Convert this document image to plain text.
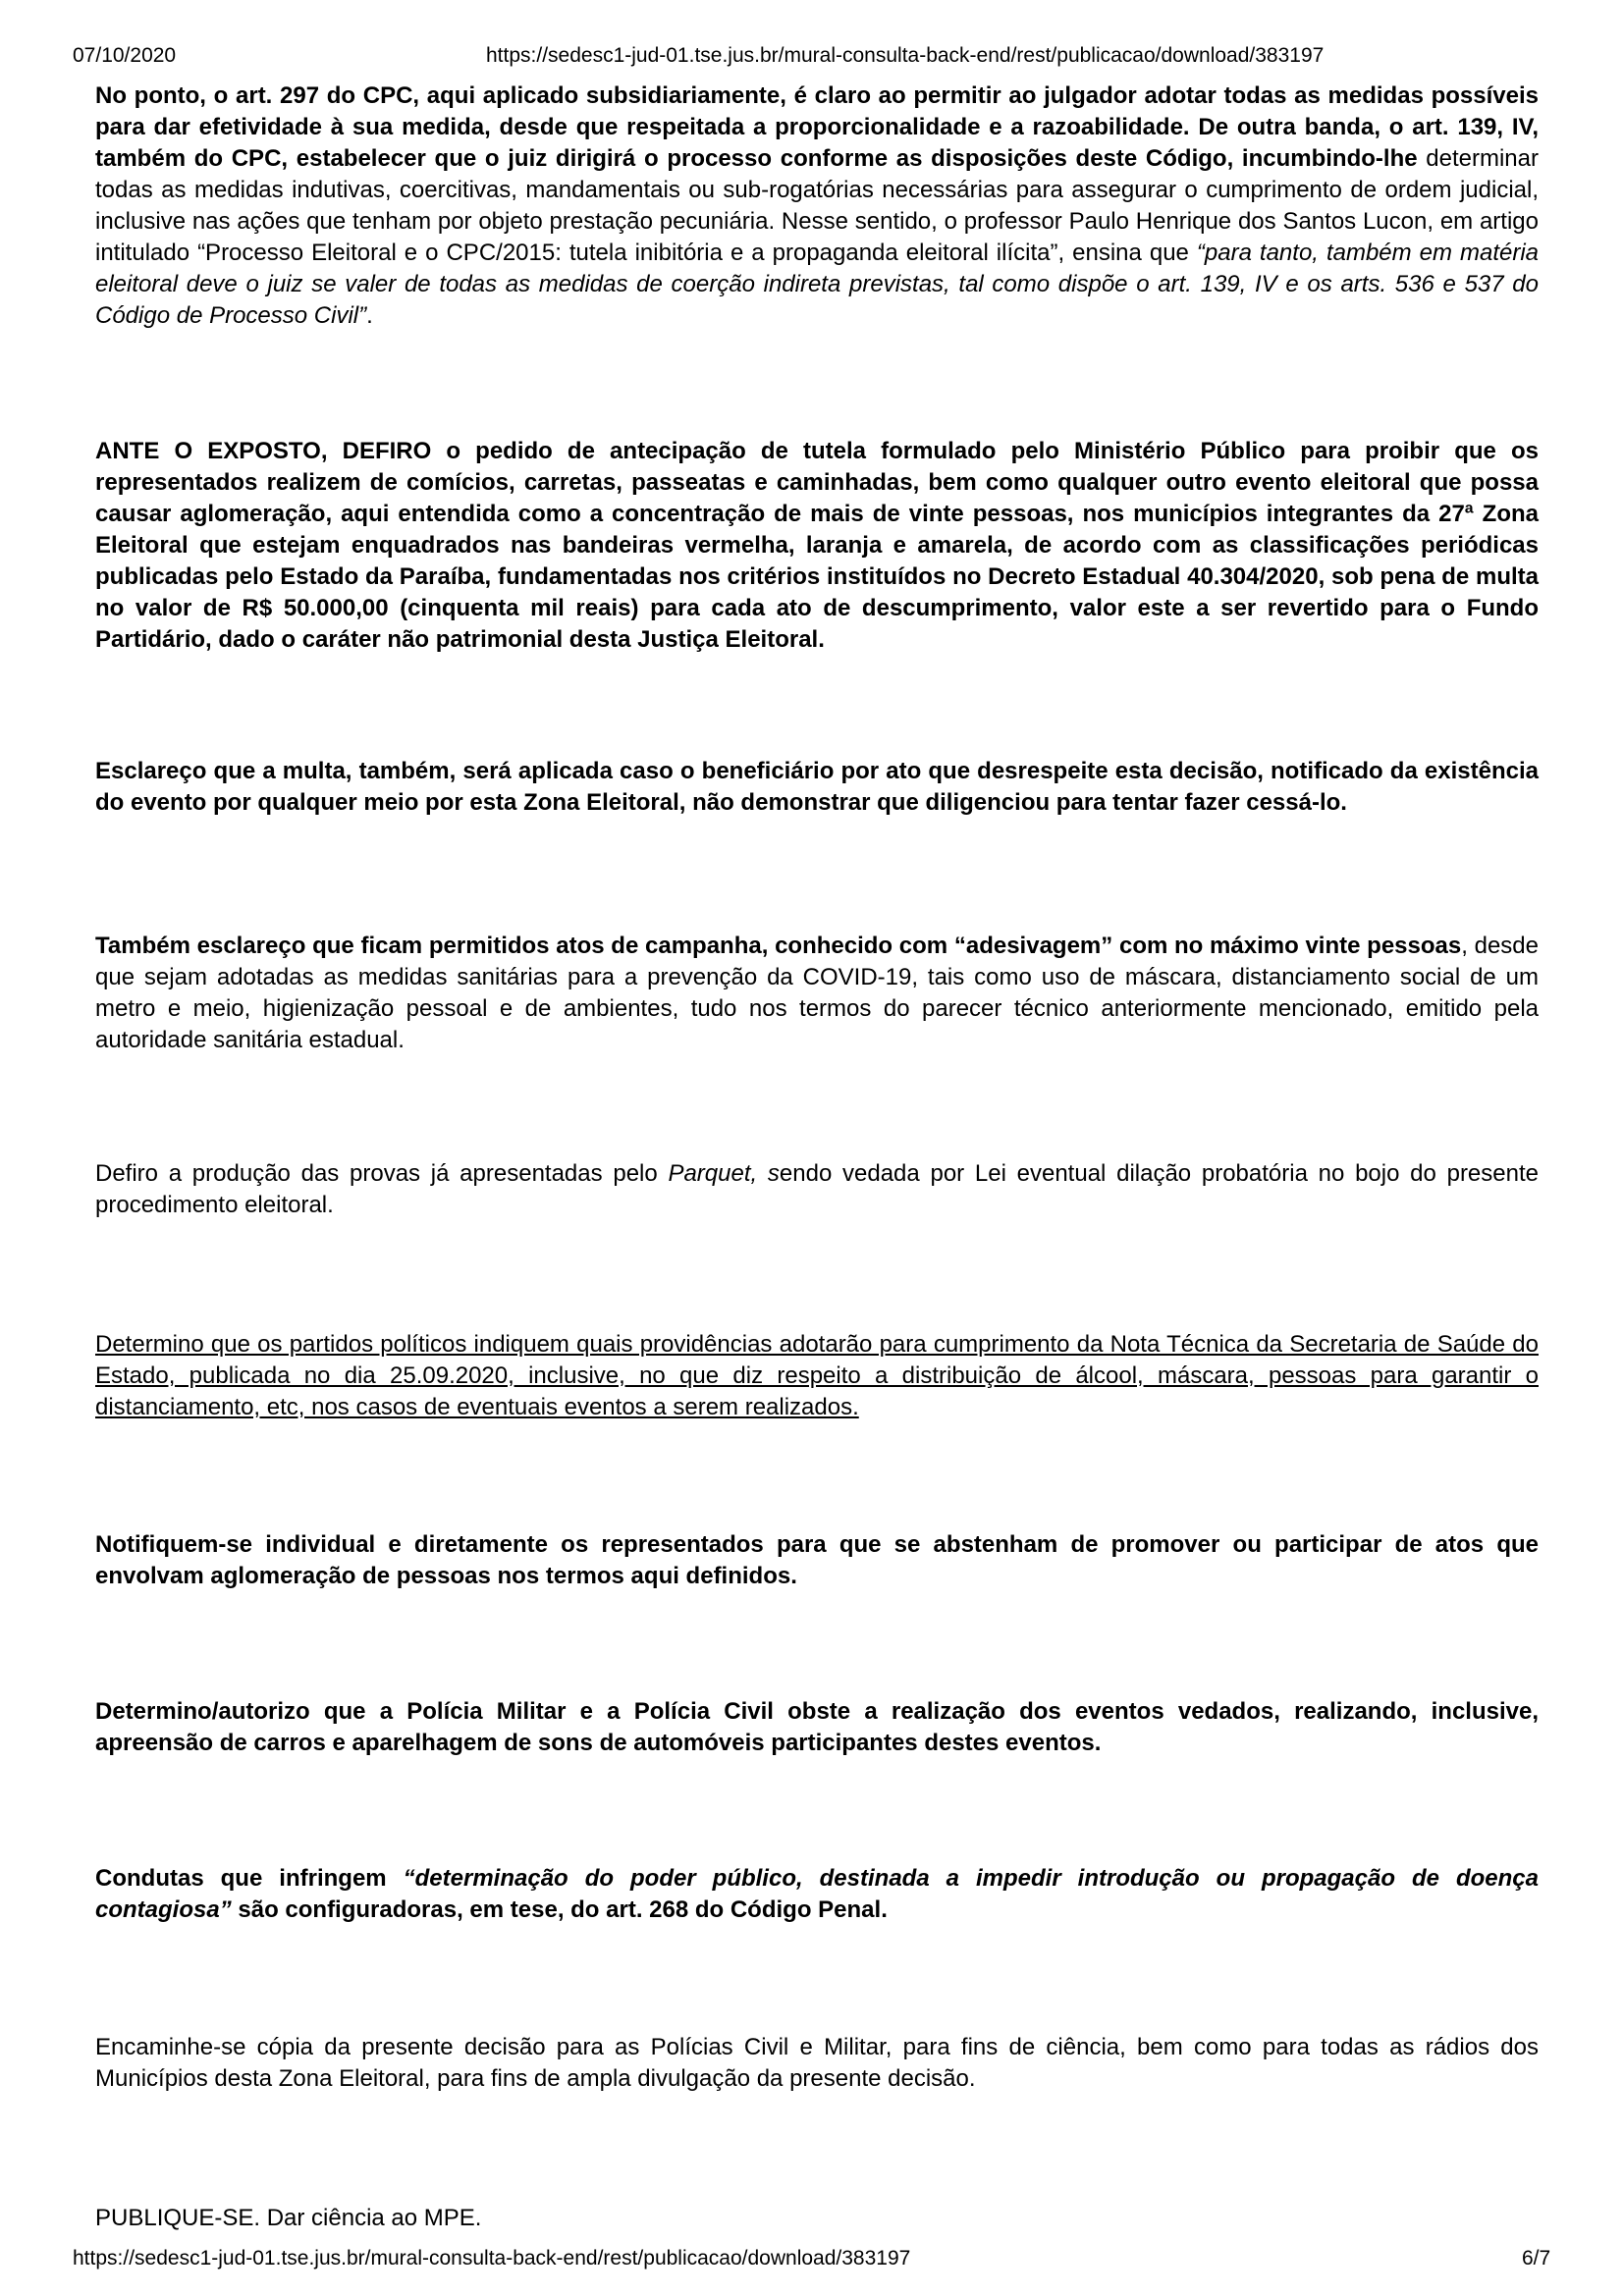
07/10/2020	https://sedesc1-jud-01.tse.jus.br/mural-consulta-back-end/rest/publicacao/download/383197

No ponto, o art. 297 do CPC, aqui aplicado subsidiariamente, é claro ao permitir ao julgador adotar todas as medidas possíveis para dar efetividade à sua medida, desde que respeitada a proporcionalidade e a razoabilidade. De outra banda, o art. 139, IV, também do CPC, estabelecer que o juiz dirigirá o processo conforme as disposições deste Código, incumbindo-lhe determinar todas as medidas indutivas, coercitivas, mandamentais ou sub-rogatórias necessárias para assegurar o cumprimento de ordem judicial, inclusive nas ações que tenham por objeto prestação pecuniária. Nesse sentido, o professor Paulo Henrique dos Santos Lucon, em artigo intitulado “Processo Eleitoral e o CPC/2015: tutela inibitória e a propaganda eleitoral ilícita”, ensina que “para tanto, também em matéria eleitoral deve o juiz se valer de todas as medidas de coerção indireta previstas, tal como dispõe o art. 139, IV e os arts. 536 e 537 do Código de Processo Civil”.

ANTE O EXPOSTO, DEFIRO o pedido de antecipação de tutela formulado pelo Ministério Público para proibir que os representados realizem de comícios, carretas, passeatas e caminhadas, bem como qualquer outro evento eleitoral que possa causar aglomeração, aqui entendida como a concentração de mais de vinte pessoas, nos municípios integrantes da 27ª Zona Eleitoral que estejam enquadrados nas bandeiras vermelha, laranja e amarela, de acordo com as classificações periódicas publicadas pelo Estado da Paraíba, fundamentadas nos critérios instituídos no Decreto Estadual 40.304/2020, sob pena de multa no valor de R$ 50.000,00 (cinquenta mil reais) para cada ato de descumprimento, valor este a ser revertido para o Fundo Partidário, dado o caráter não patrimonial desta Justiça Eleitoral.

Esclareço que a multa, também, será aplicada caso o beneficiário por ato que desrespeite esta decisão, notificado da existência do evento por qualquer meio por esta Zona Eleitoral, não demonstrar que diligenciou para tentar fazer cessá-lo.

Também esclareço que ficam permitidos atos de campanha, conhecido com “adesivagem” com no máximo vinte pessoas, desde que sejam adotadas as medidas sanitárias para a prevenção da COVID-19, tais como uso de máscara, distanciamento social de um metro e meio, higienização pessoal e de ambientes, tudo nos termos do parecer técnico anteriormente mencionado, emitido pela autoridade sanitária estadual.

Defiro a produção das provas já apresentadas pelo Parquet, sendo vedada por Lei eventual dilação probatória no bojo do presente procedimento eleitoral.

Determino que os partidos políticos indiquem quais providências adotarão para cumprimento da Nota Técnica da Secretaria de Saúde do Estado, publicada no dia 25.09.2020, inclusive, no que diz respeito a distribuição de álcool, máscara, pessoas para garantir o distanciamento, etc, nos casos de eventuais eventos a serem realizados.

Notifiquem-se individual e diretamente os representados para que se abstenham de promover ou participar de atos que envolvam aglomeração de pessoas nos termos aqui definidos.

Determino/autorizo que a Polícia Militar e a Polícia Civil obste a realização dos eventos vedados, realizando, inclusive, apreensão de carros e aparelhagem de sons de automóveis participantes destes eventos.

Condutas que infringem “determinação do poder público, destinada a impedir introdução ou propagação de doença contagiosa” são configuradoras, em tese, do art. 268 do Código Penal.

Encaminhe-se cópia da presente decisão para as Polícias Civil e Militar, para fins de ciência, bem como para todas as rádios dos Municípios desta Zona Eleitoral, para fins de ampla divulgação da presente decisão.

PUBLIQUE-SE. Dar ciência ao MPE.

https://sedesc1-jud-01.tse.jus.br/mural-consulta-back-end/rest/publicacao/download/383197	6/7
